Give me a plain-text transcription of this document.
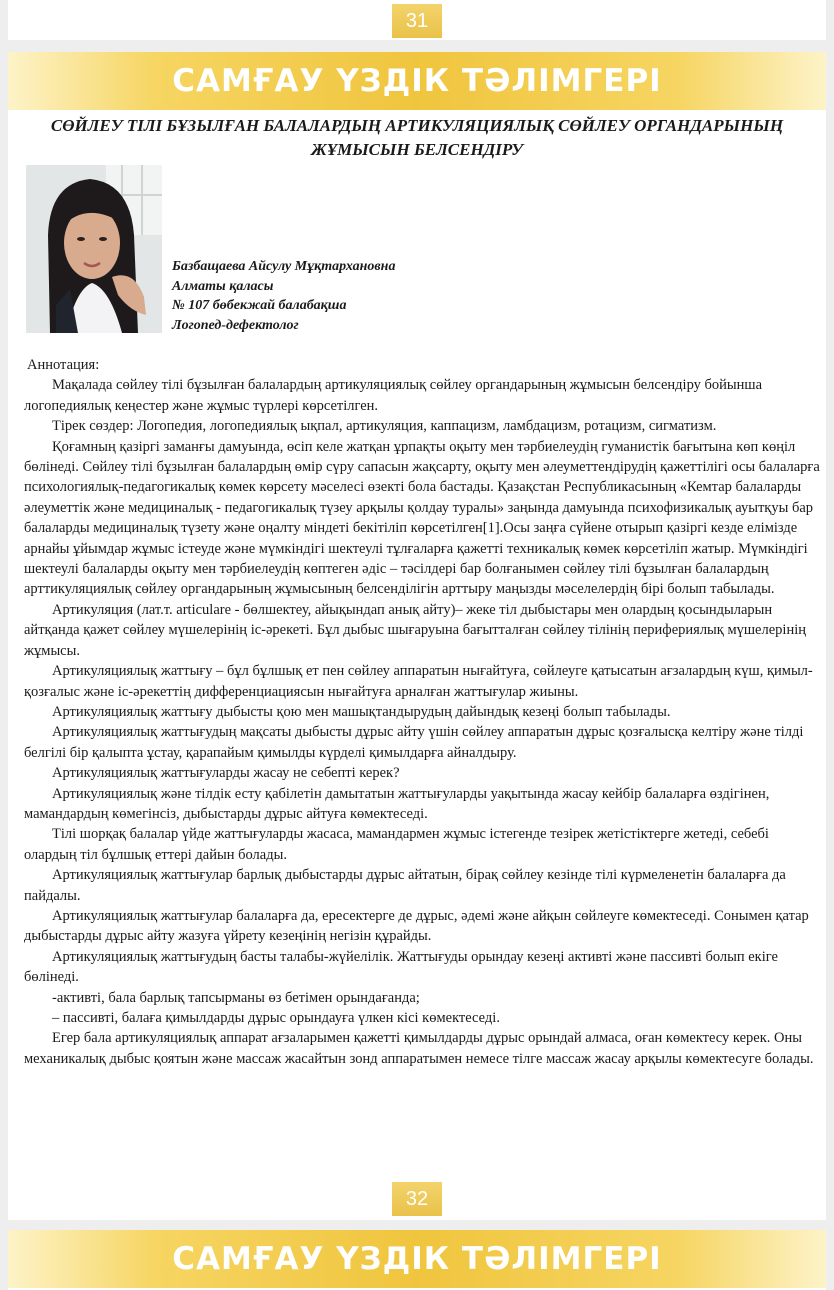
31
САМҒАУ ҮЗДІК ТӘЛІМГЕРІ
СӨЙЛЕУ ТІЛІ БҰЗЫЛҒАН БАЛАЛАРДЫҢ АРТИКУЛЯЦИЯЛЫҚ СӨЙЛЕУ ОРГАНДАРЫНЫҢ ЖҰМЫСЫН БЕЛСЕНДІРУ
Базбащаева Айсулу Мұқтархановна
Алматы қаласы
№ 107 бөбекжай балабақша
Логопед-дефектолог

Аннотация:

Мақалада сөйлеу тілі бұзылған балалардың артикуляциялық сөйлеу органдарының жұмысын белсендіру бойынша логопедиялық кеңестер және жұмыс түрлері көрсетілген.

Тірек сөздер: Логопедия, логопедиялық ықпал, артикуляция, каппацизм, ламбдацизм, ротацизм, сигматизм.

Қоғамның қазіргі заманғы дамуында, өсіп келе жатқан ұрпақты оқыту мен тәрбиелеудің гуманистік бағытына көп көңіл бөлінеді. Сөйлеу тілі бұзылған балалардың өмір сүру сапасын жақсарту, оқыту мен әлеуметтендірудің қажеттілігі осы балаларға психологиялық-педагогикалық көмек көрсету мәселесі өзекті бола бастады. Қазақстан Республикасының «Кемтар балаларды әлеуметтік және медициналық - педагогикалық түзеу арқылы қолдау туралы» заңында дамуында психофизикалық ауытқуы бар балаларды медициналық түзету және оңалту міндеті бекітіліп көрсетілген[1].Осы заңға сүйене отырып қазіргі кезде елімізде арнайы ұйымдар жұмыс істеуде және мүмкіндігі шектеулі тұлғаларға қажетті техникалық көмек көрсетіліп жатыр. Мүмкіндігі шектеулі балаларды оқыту мен тәрбиелеудің көптеген әдіс – тәсілдері бар болғанымен сөйлеу тілі бұзылған балалардың арттикуляциялық сөйлеу органдарының жұмысының белсенділігін арттыру маңызды мәселелердің бірі болып табылады.

Артикуляция (лат.т. articulare - бөлшектеу, айықындап анық айту)– жеке тіл дыбыстары мен олардың қосындыларын айтқанда қажет сөйлеу мүшелерінің іс-әрекеті. Бұл дыбыс шығаруына бағытталған сөйлеу тілінің перифериялық мүшелерінің жұмысы.

Артикуляциялық жаттығу – бұл бұлшық ет пен сөйлеу аппаратын нығайтуға, сөйлеуге қатысатын ағзалардың күш, қимыл-қозғалыс және іс-әрекеттің дифференциациясын нығайтуға арналған жаттығулар жиыны.

Артикуляциялық жаттығу дыбысты қою мен машықтандырудың дайындық кезеңі болып табылады.

Артикуляциялық жаттығудың мақсаты дыбысты дұрыс айту үшін сөйлеу аппаратын дұрыс қозғалысқа келтіру және тілді белгілі бір қалыпта ұстау, қарапайым қимылды күрделі қимылдарға айналдыру.

Артикуляциялық жаттығуларды жасау не себепті керек?

Артикуляциялық және тілдік есту қабілетін дамытатын жаттығуларды уақытында жасау кейбір балаларға өздігінен, мамандардың көмегінсіз, дыбыстарды дұрыс айтуға көмектеседі.

Тілі шорқақ балалар үйде жаттығуларды жасаса, мамандармен жұмыс істегенде тезірек жетістіктерге жетеді, себебі олардың тіл бұлшық еттері дайын болады.

Артикуляциялық жаттығулар барлық дыбыстарды дұрыс айтатын, бірақ сөйлеу кезінде тілі күрмеленетін балаларға да пайдалы.

Артикуляциялық жаттығулар балаларға да, ересектерге де дұрыс, әдемі және айқын сөйлеуге көмектеседі. Сонымен қатар дыбыстарды дұрыс айту жазуға үйрету кезеңінің негізін құрайды.

Артикуляциялық жаттығудың басты талабы-жүйелілік. Жаттығуды орындау кезеңі активті және пассивті болып екіге бөлінеді.

-активті, бала барлық тапсырманы өз бетімен орындағанда;

– пассивті, балаға қимылдарды дұрыс орындауға үлкен кісі көмектеседі.

Егер бала артикуляциялық аппарат ағзаларымен қажетті қимылдарды дұрыс орындай алмаса, оған көмектесу керек. Оны механикалық дыбыс қоятын және массаж жасайтын зонд аппаратымен немесе тілге массаж жасау арқылы көмектесуге болады.

32
САМҒАУ ҮЗДІК ТӘЛІМГЕРІ
